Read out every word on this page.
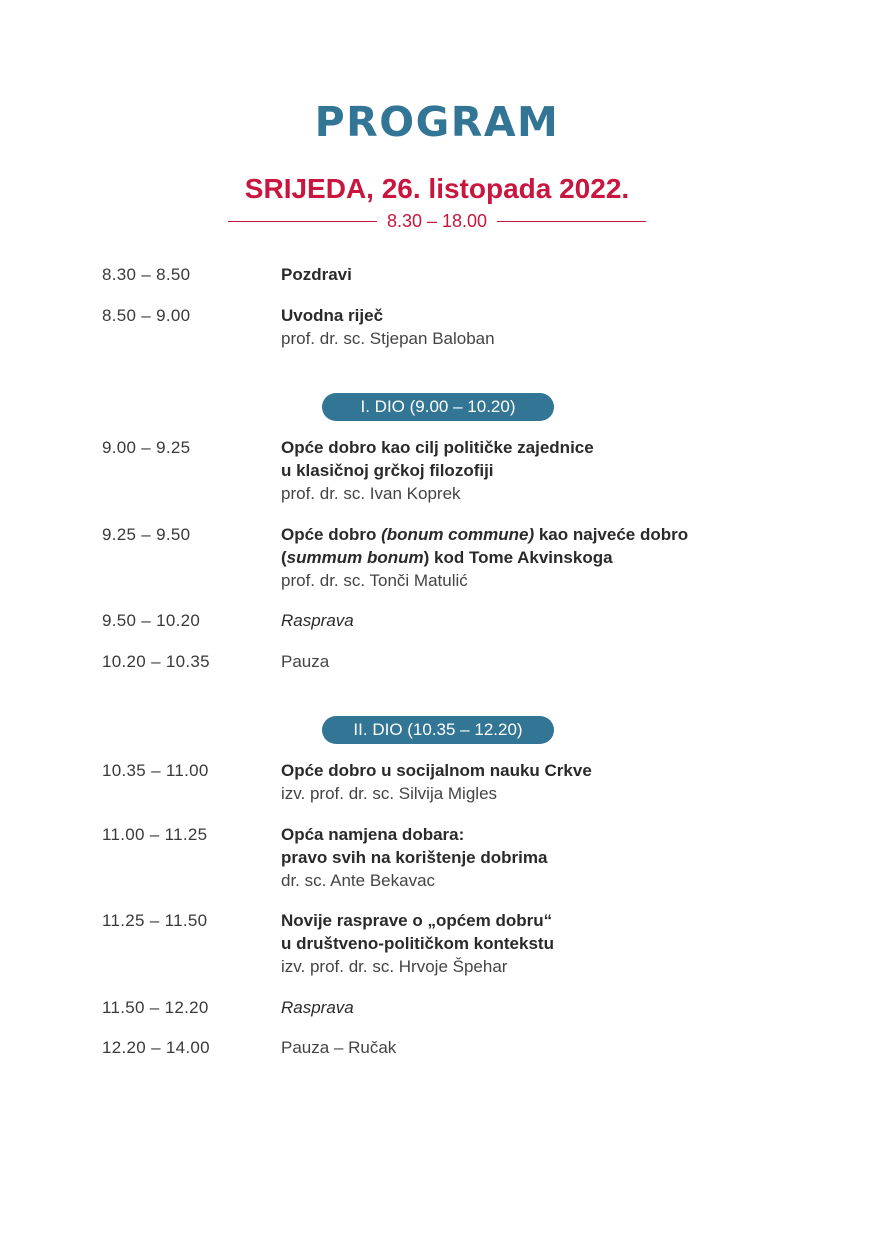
PROGRAM
SRIJEDA, 26. listopada 2022.
8.30 – 18.00
8.30 – 8.50	Pozdravi
8.50 – 9.00	Uvodna riječ
prof. dr. sc. Stjepan Baloban
I. DIO (9.00 – 10.20)
9.00 – 9.25	Opće dobro kao cilj političke zajednice
u klasičnoj grčkoj filozofiji
prof. dr. sc. Ivan Koprek
9.25 – 9.50	Opće dobro (bonum commune) kao najveće dobro
(summum bonum) kod Tome Akvinskoga
prof. dr. sc. Tonči Matulić
9.50 – 10.20	Rasprava
10.20 – 10.35	Pauza
II. DIO (10.35 – 12.20)
10.35 – 11.00	Opće dobro u socijalnom nauku Crkve
izv. prof. dr. sc. Silvija Migles
11.00 – 11.25	Opća namjena dobara:
pravo svih na korištenje dobrima
dr. sc. Ante Bekavac
11.25 – 11.50	Novije rasprave o „općem dobru“
u društveno-političkom kontekstu
izv. prof. dr. sc. Hrvoje Špehar
11.50 – 12.20	Rasprava
12.20 – 14.00	Pauza – Ručak
